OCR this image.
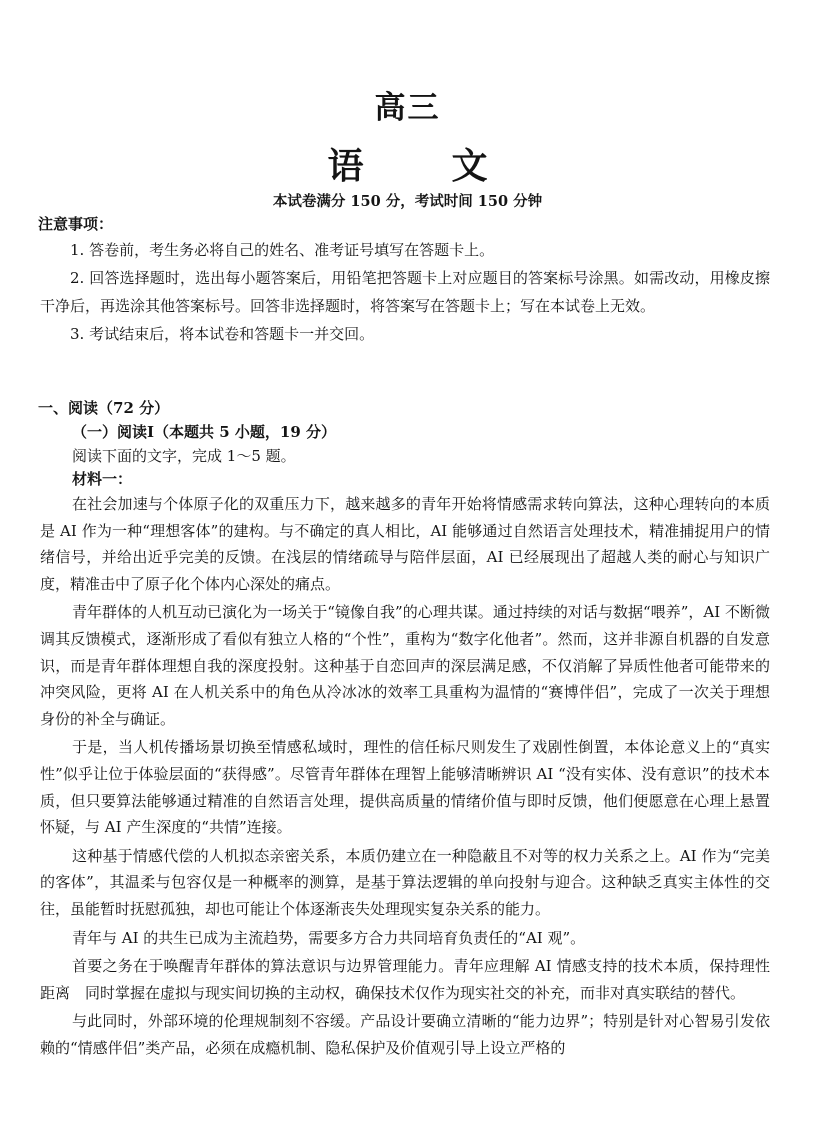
高三
语　文
本试卷满分 150 分，考试时间 150 分钟
注意事项：

1. 答卷前，考生务必将自己的姓名、准考证号填写在答题卡上。

2. 回答选择题时，选出每小题答案后，用铅笔把答题卡上对应题目的答案标号涂黑。如需改动，用橡皮擦干净后，再选涂其他答案标号。回答非选择题时，将答案写在答题卡上；写在本试卷上无效。

3. 考试结束后，将本试卷和答题卡一并交回。

一、阅读（72 分）
（一）阅读Ⅰ（本题共 5 小题，19 分）
阅读下面的文字，完成 1～5 题。
材料一：

在社会加速与个体原子化的双重压力下，越来越多的青年开始将情感需求转向算法，这种心理转向的本质是 AI 作为一种“理想客体”的建构。与不确定的真人相比，AI 能够通过自然语言处理技术，精准捕捉用户的情绪信号，并给出近乎完美的反馈。在浅层的情绪疏导与陪伴层面，AI 已经展现出了超越人类的耐心与知识广度，精准击中了原子化个体内心深处的痛点。

青年群体的人机互动已演化为一场关于“镜像自我”的心理共谋。通过持续的对话与数据“喂养”，AI 不断微调其反馈模式，逐渐形成了看似有独立人格的“个性”，重构为“数字化他者”。然而，这并非源自机器的自发意识，而是青年群体理想自我的深度投射。这种基于自恋回声的深层满足感，不仅消解了异质性他者可能带来的冲突风险，更将 AI 在人机关系中的角色从冷冰冰的效率工具重构为温情的“赛博伴侣”，完成了一次关于理想身份的补全与确证。

于是，当人机传播场景切换至情感私域时，理性的信任标尺则发生了戏剧性倒置，本体论意义上的“真实性”似乎让位于体验层面的“获得感”。尽管青年群体在理智上能够清晰辨识 AI “没有实体、没有意识”的技术本质，但只要算法能够通过精准的自然语言处理，提供高质量的情绪价值与即时反馈，他们便愿意在心理上悬置怀疑，与 AI 产生深度的“共情”连接。

这种基于情感代偿的人机拟态亲密关系，本质仍建立在一种隐蔽且不对等的权力关系之上。AI 作为“完美的客体”，其温柔与包容仅是一种概率的测算，是基于算法逻辑的单向投射与迎合。这种缺乏真实主体性的交往，虽能暂时抚慰孤独，却也可能让个体逐渐丧失处理现实复杂关系的能力。

青年与 AI 的共生已成为主流趋势，需要多方合力共同培育负责任的“AI 观”。

首要之务在于唤醒青年群体的算法意识与边界管理能力。青年应理解 AI 情感支持的技术本质，保持理性距离　同时掌握在虚拟与现实间切换的主动权，确保技术仅作为现实社交的补充，而非对真实联结的替代。

与此同时，外部环境的伦理规制刻不容缓。产品设计要确立清晰的“能力边界”；特别是针对心智易引发依赖的“情感伴侣”类产品，必须在成瘾机制、隐私保护及价值观引导上设立严格的
